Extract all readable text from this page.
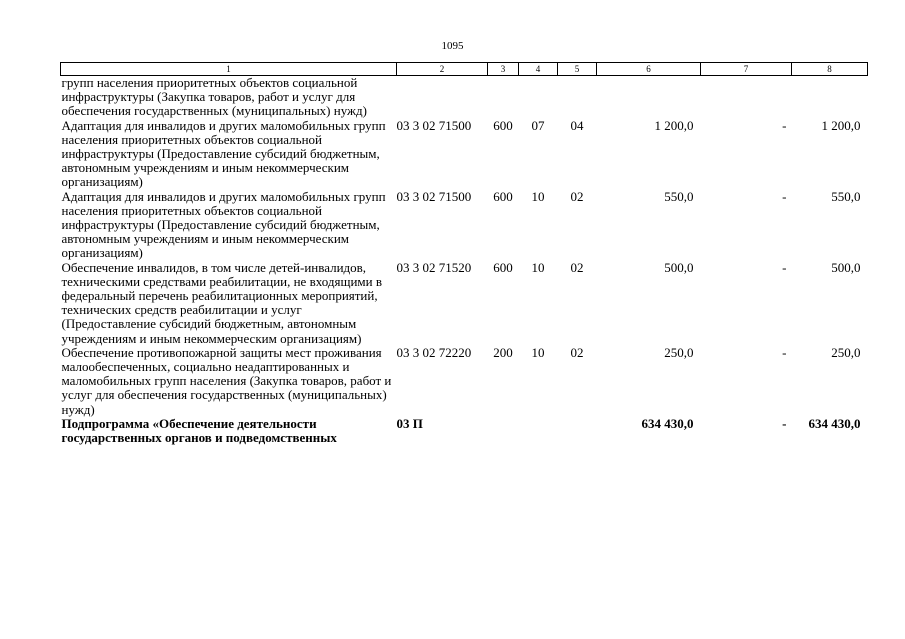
1095
1	2	3	4	5	6	7	8
групп населения приоритетных объектов социальной инфраструктуры (Закупка товаров, работ и услуг для обеспечения государственных (муниципальных) нужд)							
Адаптация для инвалидов и других маломобильных групп населения приоритетных объектов социальной инфраструктуры (Предоставление субсидий бюджетным, автономным учреждениям и иным некоммерческим организациям)	03 3 02 71500	600	07	04	1 200,0	-	1 200,0
Адаптация для инвалидов и других маломобильных групп населения приоритетных объектов социальной инфраструктуры (Предоставление субсидий бюджетным, автономным учреждениям и иным некоммерческим организациям)	03 3 02 71500	600	10	02	550,0	-	550,0
Обеспечение инвалидов, в том числе детей-инвалидов, техническими средствами реабилитации, не входящими в федеральный перечень реабилитационных мероприятий, технических средств реабилитации и услуг (Предоставление субсидий бюджетным, автономным учреждениям и иным некоммерческим организациям)	03 3 02 71520	600	10	02	500,0	-	500,0
Обеспечение противопожарной защиты мест проживания малообеспеченных, социально неадаптированных и маломобильных групп населения (Закупка товаров, работ и услуг для обеспечения государственных (муниципальных) нужд)	03 3 02 72220	200	10	02	250,0	-	250,0
Подпрограмма «Обеспечение деятельности государственных органов и подведомственных	03 П				634 430,0	-	634 430,0
